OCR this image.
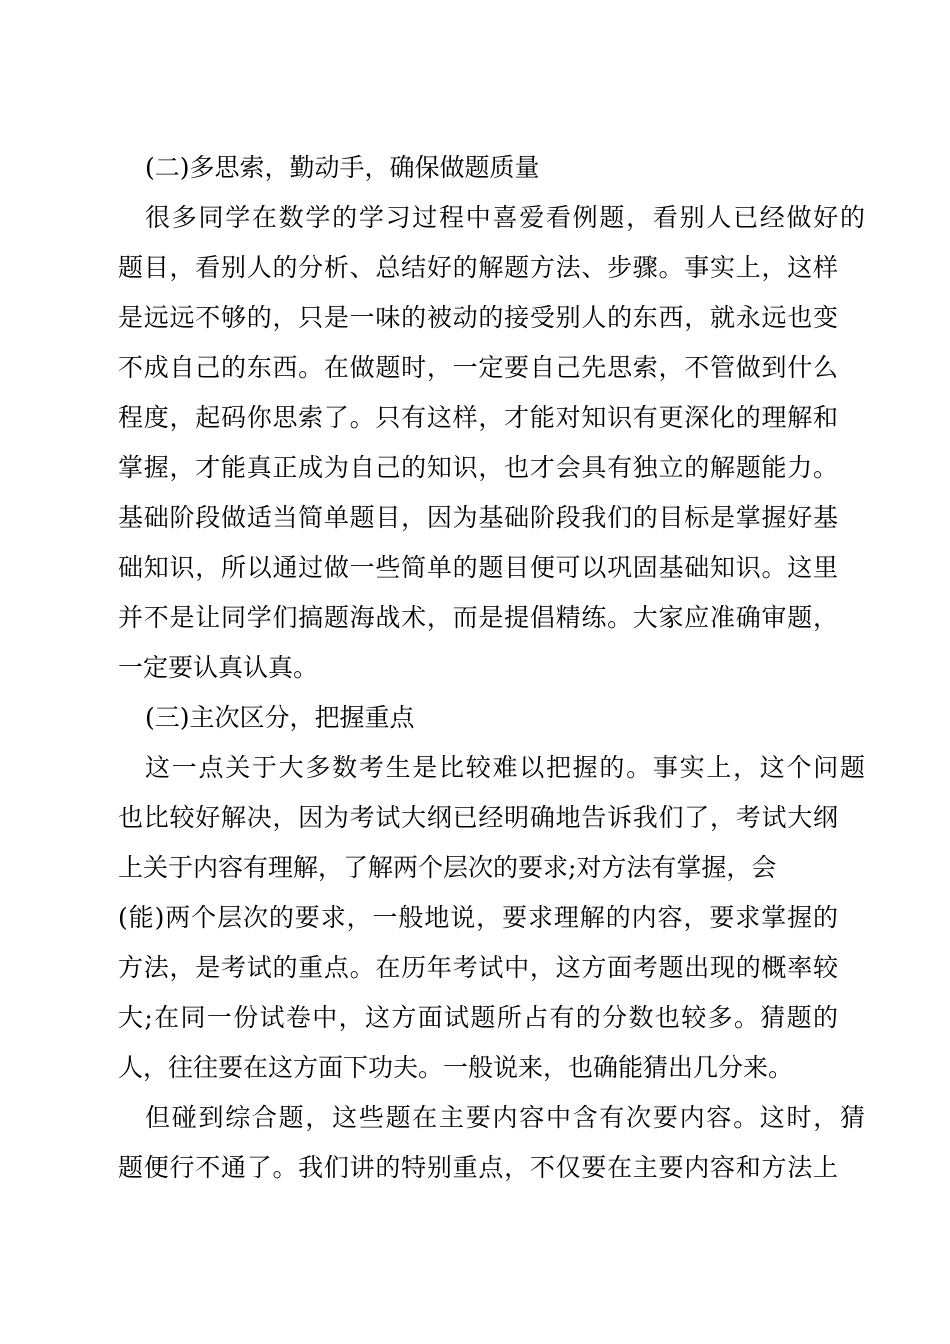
(二)多思索，勤动手，确保做题质量
很多同学在数学的学习过程中喜爱看例题，看别人已经做好的
题目，看别人的分析、总结好的解题方法、步骤。事实上，这样
是远远不够的，只是一味的被动的接受别人的东西，就永远也变
不成自己的东西。在做题时，一定要自己先思索，不管做到什么
程度，起码你思索了。只有这样，才能对知识有更深化的理解和
掌握，才能真正成为自己的知识，也才会具有独立的解题能力。
基础阶段做适当简单题目，因为基础阶段我们的目标是掌握好基
础知识，所以通过做一些简单的题目便可以巩固基础知识。这里
并不是让同学们搞题海战术，而是提倡精练。大家应准确审题，
一定要认真认真。
(三)主次区分，把握重点
这一点关于大多数考生是比较难以把握的。事实上，这个问题
也比较好解决，因为考试大纲已经明确地告诉我们了，考试大纲
上关于内容有理解，了解两个层次的要求;对方法有掌握，会
(能)两个层次的要求，一般地说，要求理解的内容，要求掌握的
方法，是考试的重点。在历年考试中，这方面考题出现的概率较
大;在同一份试卷中，这方面试题所占有的分数也较多。猜题的
人，往往要在这方面下功夫。一般说来，也确能猜出几分来。
但碰到综合题，这些题在主要内容中含有次要内容。这时，猜
题便行不通了。我们讲的特别重点，不仅要在主要内容和方法上
